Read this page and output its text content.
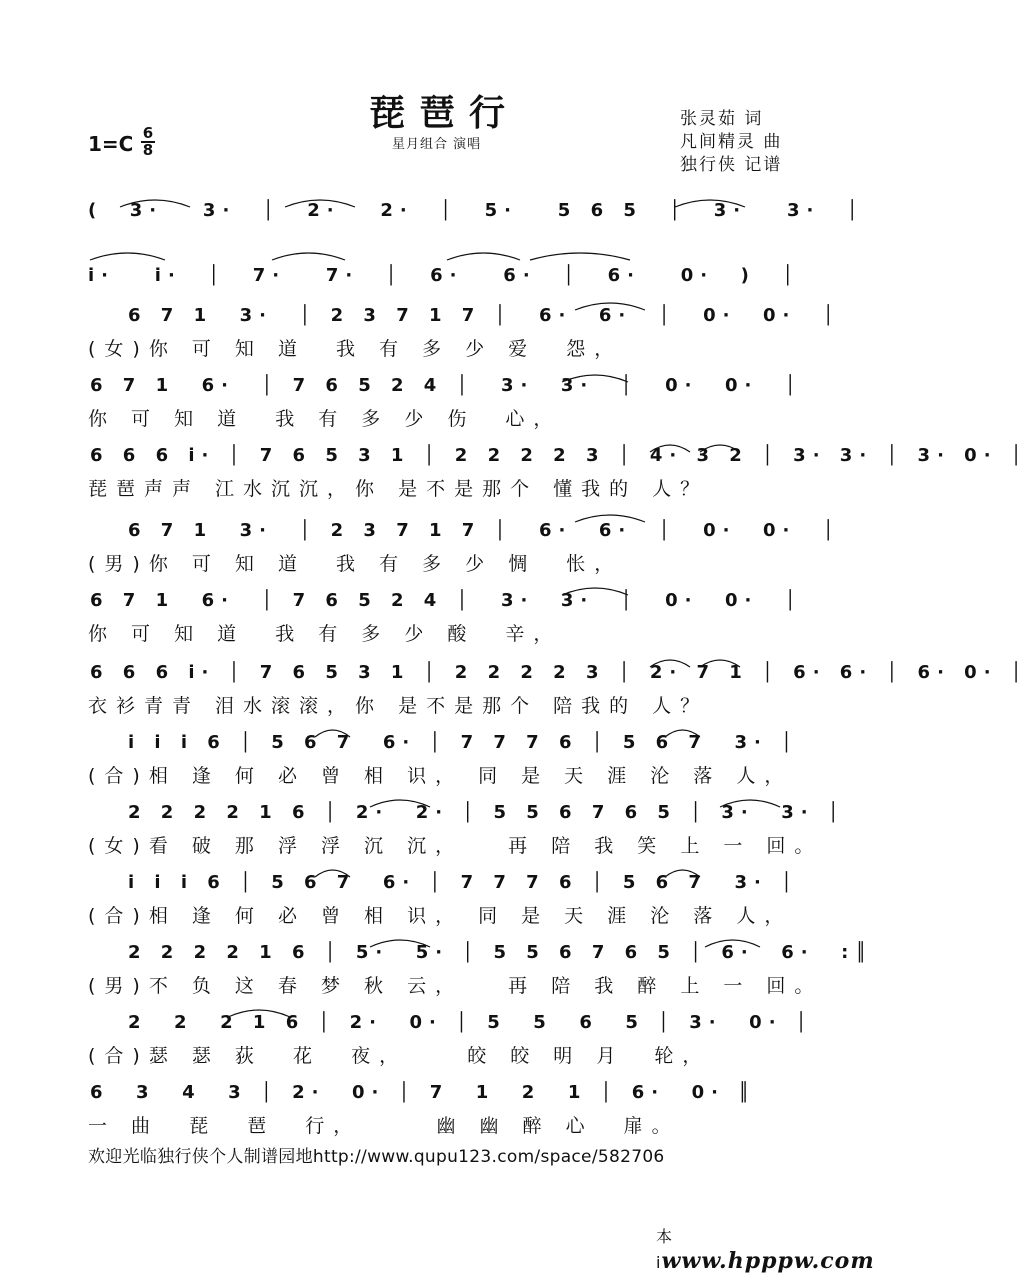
琵琶行
$1=C \frac{6}{8}$	星月组合 演唱
张灵茹 词
凡间精灵 曲
独行侠 记谱
(  3·   3·  │  2·   2·  │  5·   5 6 5  │  3·   3·  │
i·   i·  │  7·   7·  │  6·   6·  │  6·   0·  )  │
6 7 1  3·  │ 2 3 7 1 7 │  6·  6·  │  0·  0·  │
(女)你 可 知 道  我 有 多 少 爱  怨，
6 7 1  6·  │ 7 6 5 2 4 │  3·  3·  │  0·  0·  │
你 可 知 道  我 有 多 少 伤  心，
6 6 6 i· │ 7 6 5 3 1 │ 2 2 2 2 3 │ 4· 3 2 │ 3· 3· │ 3· 0· │
琵琶声声 江水沉沉，你 是不是那个 懂我的 人？
6 7 1  3·  │ 2 3 7 1 7 │  6·  6·  │  0·  0·  │
(男)你 可 知 道  我 有 多 少 惆  怅，
6 7 1  6·  │ 7 6 5 2 4 │  3·  3·  │  0·  0·  │
你 可 知 道  我 有 多 少 酸  辛，
6 6 6 i· │ 7 6 5 3 1 │ 2 2 2 2 3 │ 2· 7 1 │ 6· 6· │ 6· 0· │
衣衫青青 泪水滚滚，你 是不是那个 陪我的 人？
i i i 6 │ 5 6 7  6· │ 7 7 7 6 │ 5 6 7  3· │
(合)相 逢 何 必 曾 相 识， 同 是 天 涯 沦 落 人，
2 2 2 2 1 6 │ 2·  2· │ 5 5 6 7 6 5 │ 3·  3· │
(女)看 破 那 浮 浮 沉 沉，   再 陪 我 笑 上 一 回。
i i i 6 │ 5 6 7  6· │ 7 7 7 6 │ 5 6 7  3· │
(合)相 逢 何 必 曾 相 识， 同 是 天 涯 沦 落 人，
2 2 2 2 1 6 │ 5·  5· │ 5 5 6 7 6 5 │ 6·  6·  :║
(男)不 负 这 春 梦 秋 云，   再 陪 我 醉 上 一 回。
2  2  2 1 6 │ 2·  0· │ 5  5  6  5 │ 3·  0· │
(合)瑟 瑟 荻  花  夜，    皎 皎 明 月  轮，
6  3  4  3 │ 2·  0· │ 7  1  2  1 │ 6·  0· ║
一 曲  琵  琶  行，     幽 幽 醉 心  扉。
欢迎光临独行侠个人制谱园地http://www.qupu123.com/space/582706
本iwww.hpppw.com
